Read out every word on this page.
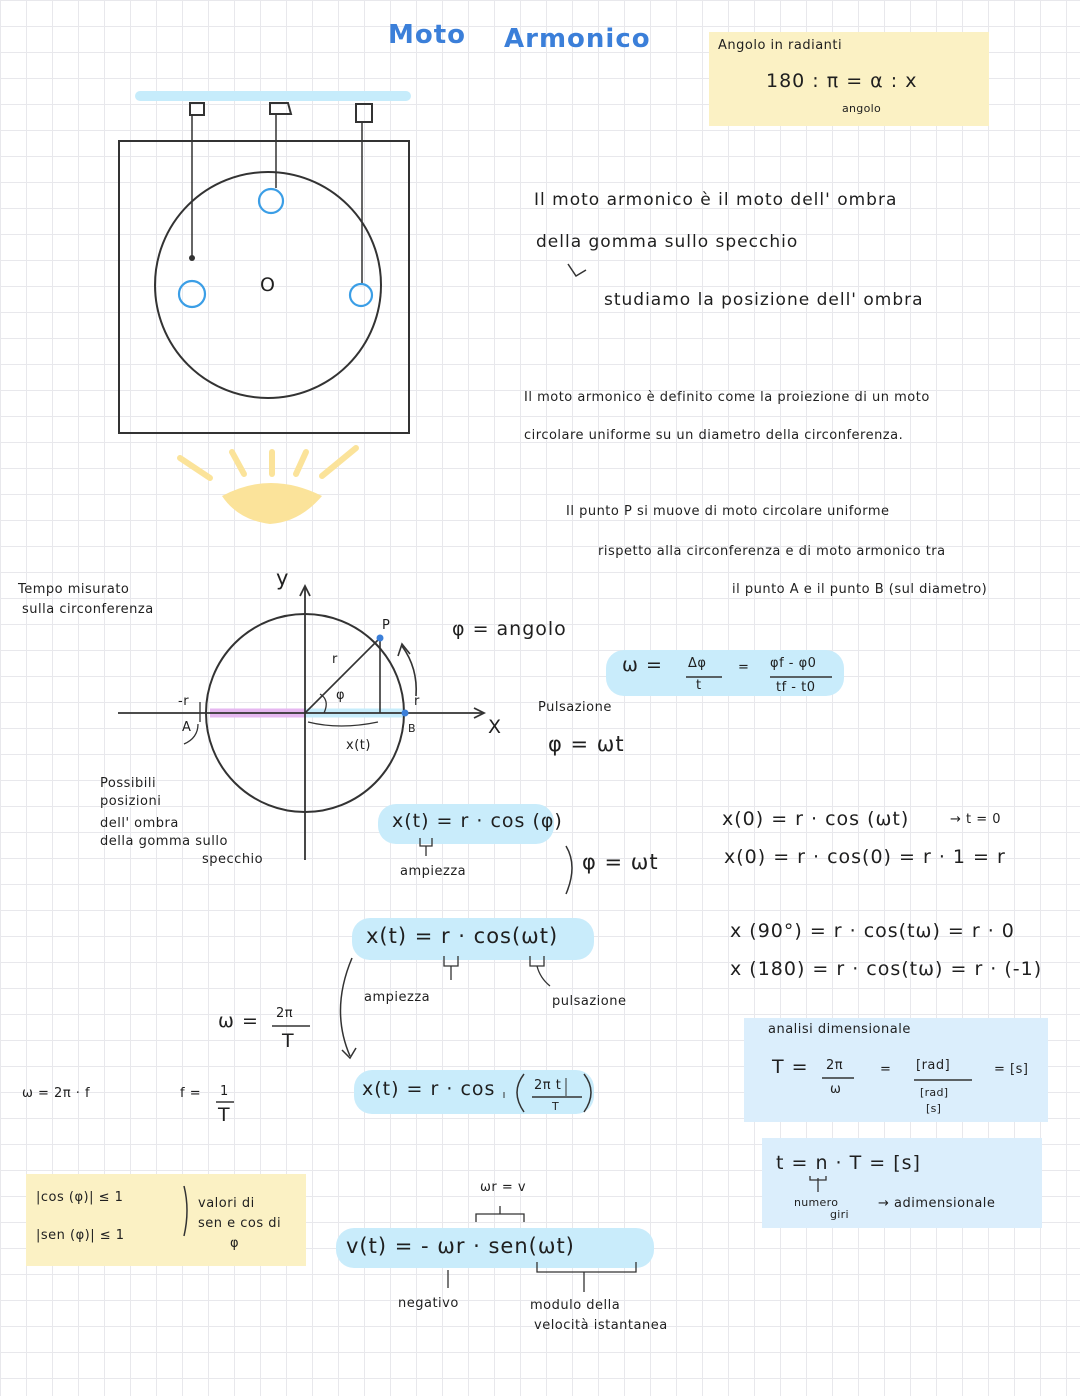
Moto Armonico	Angolo in radianti
180 : π = α : x
angolo
Il moto armonico è il moto dell' ombra
della gomma sullo specchio
studiamo la posizione dell' ombra
Il moto armonico è definito come la proiezione di un moto
circolare uniforme su un diametro della circonferenza.
Il punto P si muove di moto circolare uniforme
rispetto alla circonferenza e di moto armonico tra
il punto A e il punto B (sul diametro)
O
Tempo misurato
sulla circonferenza
y
X
P
r
-r	r
A	B
φ
x(t)
φ = angolo
Possibili
posizioni
dell' ombra
della gomma sullo
specchio
ω = Δφ
t
= φf - φ0
tf - t0
Pulsazione
φ = ωt
x(t) = r · cos (φ)
ampiezza	φ = ωt
x(t) = r · cos(ωt)
ampiezza	pulsazione
ω = 2π
T
ω = 2π · f	f = 1
T
x(t) = r · cos	2π t
T
x(0) = r · cos (ωt)	→ t = 0
x(0) = r · cos(0) = r · 1 = r
x (90°) = r · cos(tω) = r · 0
x (180) = r · cos(tω) = r · (-1)
analisi dimensionale
T = 2π
ω
= [rad]
[rad]
[s]
= [s]
t = n · T = [s]
numero
giri
→ adimensionale
|cos (φ)| ≤ 1
|sen (φ)| ≤ 1
valori di
sen e cos di
φ
ωr = v
v(t) = - ωr · sen(ωt)
negativo	modulo della
velocità istantanea
